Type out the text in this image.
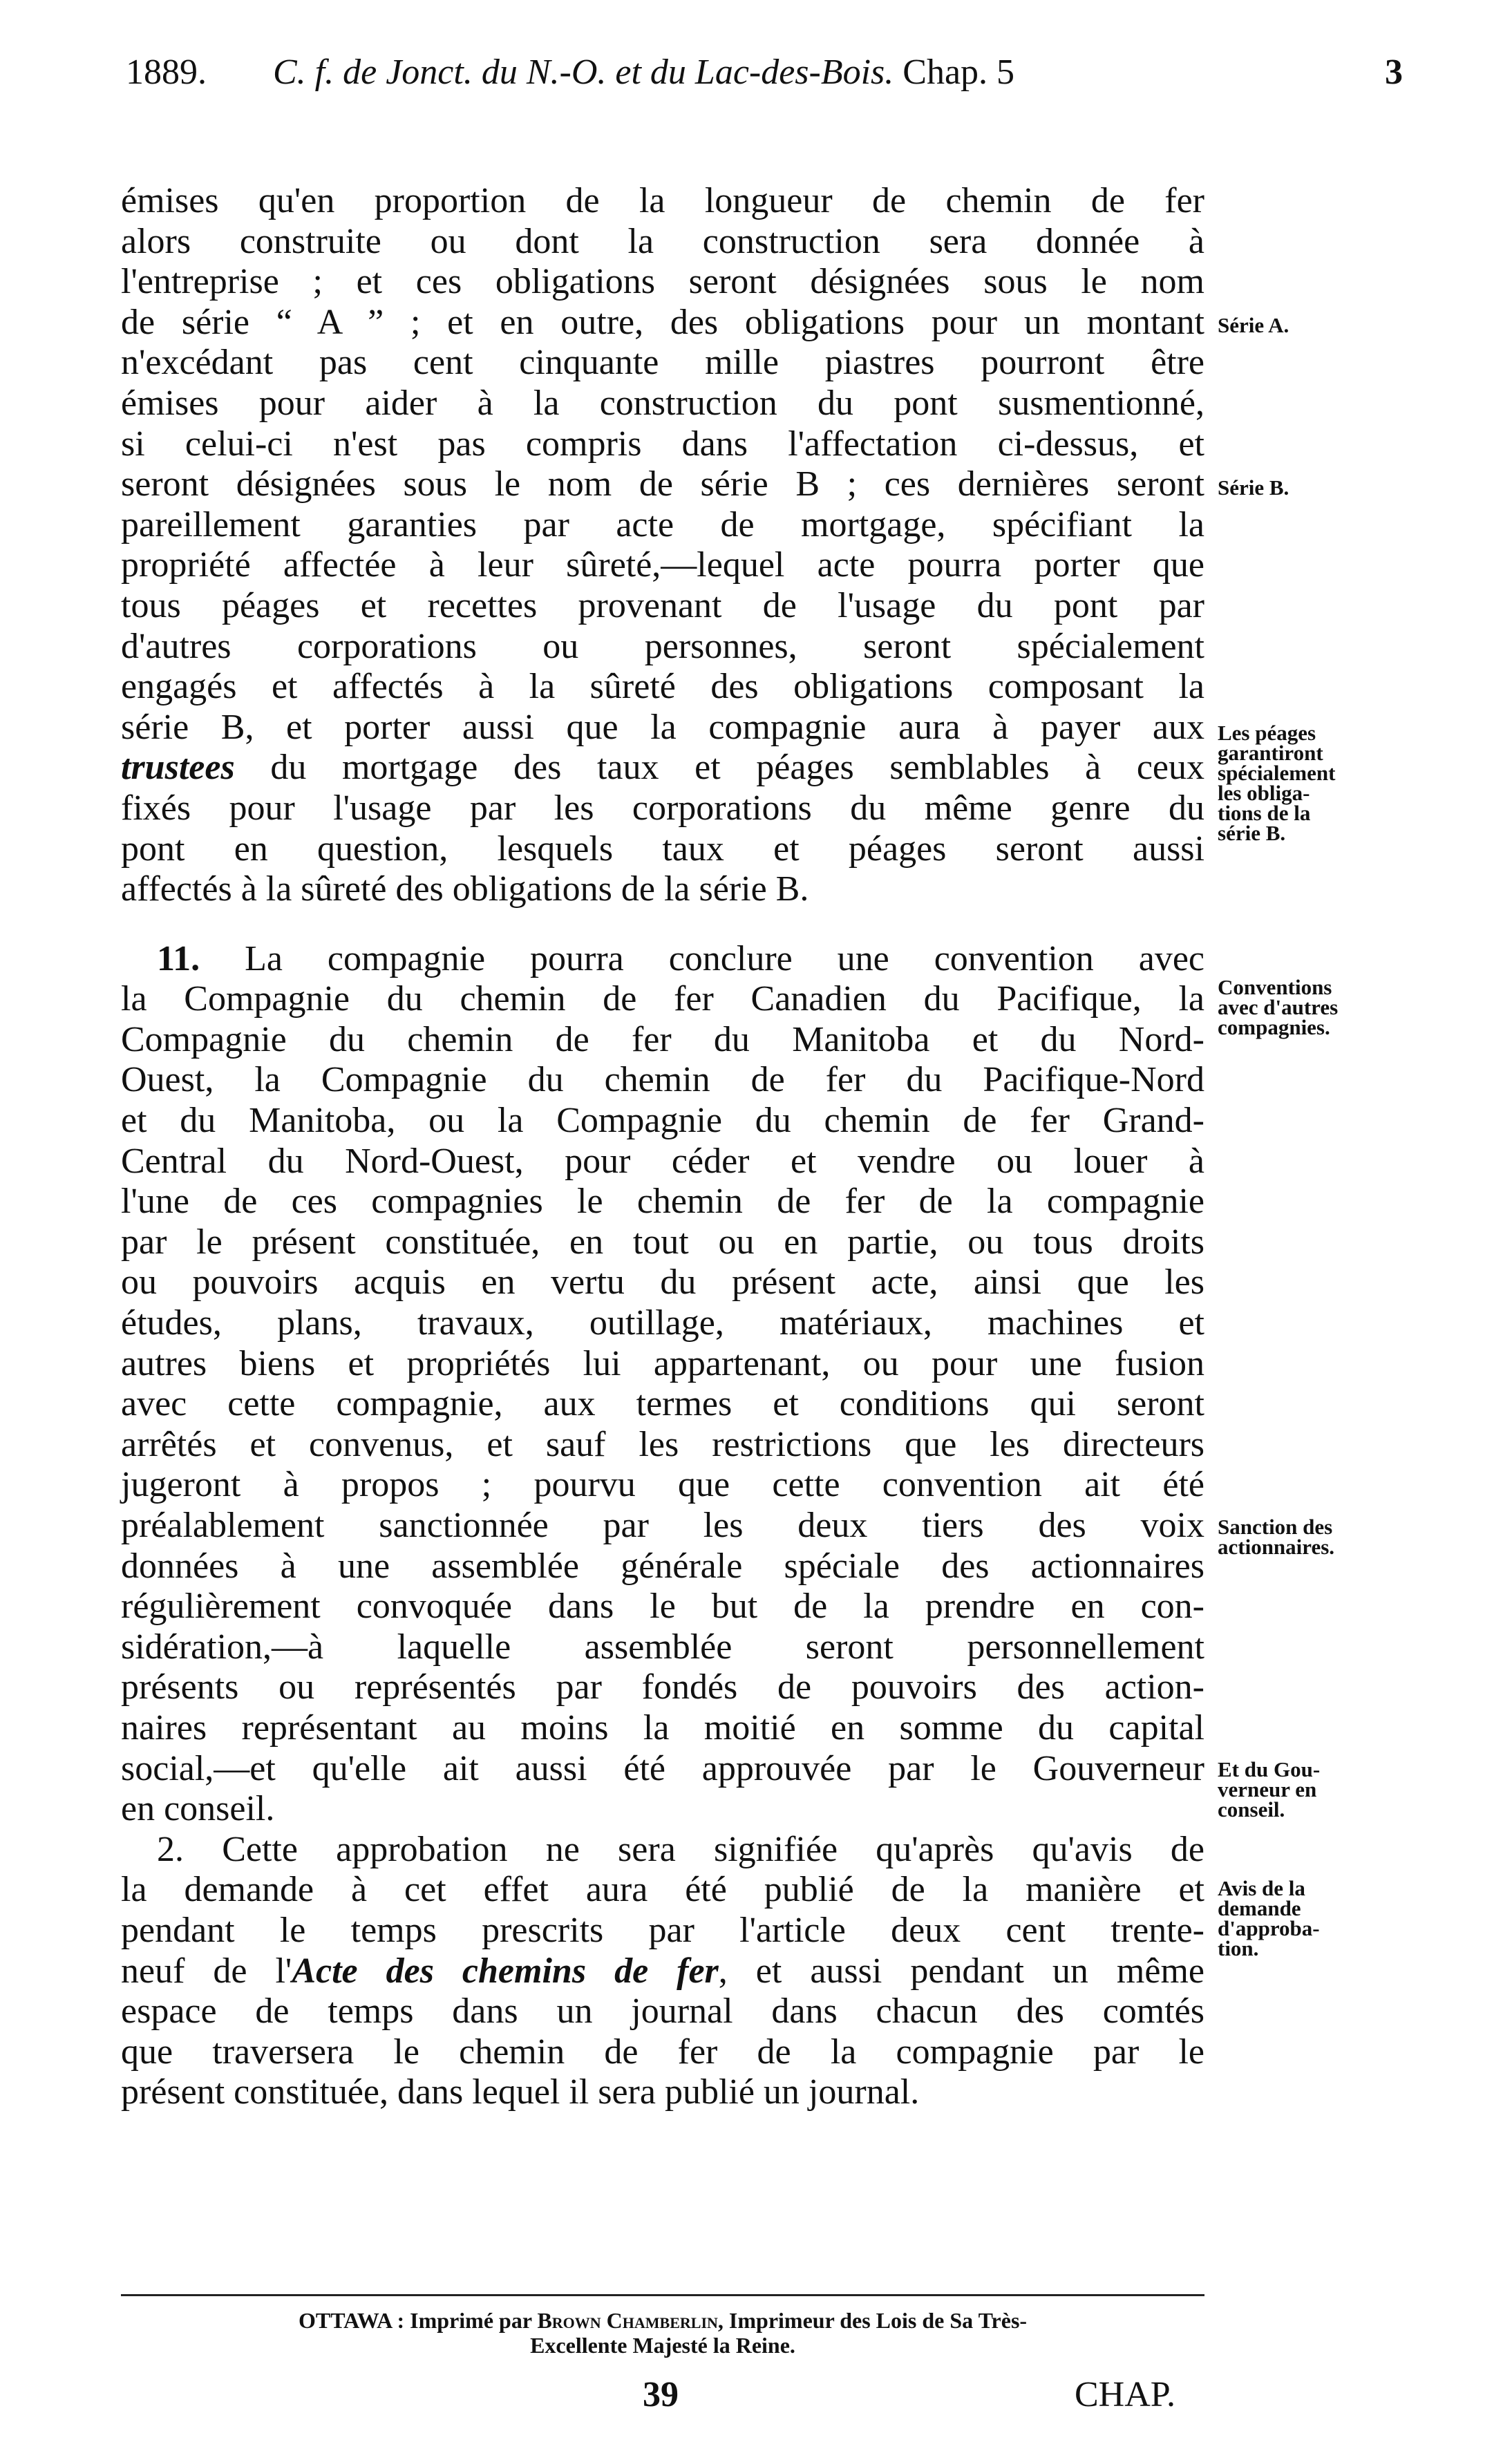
1889. C. f. de Jonct. du N.-O. et du Lac-des-Bois. Chap. 5	3
émises qu'en proportion de la longueur de chemin de fer
alors construite ou dont la construction sera donnée à
l'entreprise ; et ces obligations seront désignées sous le nom
de série “ A ” ; et en outre, des obligations pour un montant
n'excédant pas cent cinquante mille piastres pourront être
émises pour aider à la construction du pont susmentionné,
si celui-ci n'est pas compris dans l'affectation ci-dessus, et
seront désignées sous le nom de série B ; ces dernières seront
pareillement garanties par acte de mortgage, spécifiant la
propriété affectée à leur sûreté,—lequel acte pourra porter que
tous péages et recettes provenant de l'usage du pont par
d'autres corporations ou personnes, seront spécialement
engagés et affectés à la sûreté des obligations composant la
série B, et porter aussi que la compagnie aura à payer aux
trustees du mortgage des taux et péages semblables à ceux
fixés pour l'usage par les corporations du même genre du
pont en question, lesquels taux et péages seront aussi
affectés à la sûreté des obligations de la série B.
11. La compagnie pourra conclure une convention avec
la Compagnie du chemin de fer Canadien du Pacifique, la
Compagnie du chemin de fer du Manitoba et du Nord-
Ouest, la Compagnie du chemin de fer du Pacifique-Nord
et du Manitoba, ou la Compagnie du chemin de fer Grand-
Central du Nord-Ouest, pour céder et vendre ou louer à
l'une de ces compagnies le chemin de fer de la compagnie
par le présent constituée, en tout ou en partie, ou tous droits
ou pouvoirs acquis en vertu du présent acte, ainsi que les
études, plans, travaux, outillage, matériaux, machines et
autres biens et propriétés lui appartenant, ou pour une fusion
avec cette compagnie, aux termes et conditions qui seront
arrêtés et convenus, et sauf les restrictions que les directeurs
jugeront à propos ; pourvu que cette convention ait été
préalablement sanctionnée par les deux tiers des voix
données à une assemblée générale spéciale des actionnaires
régulièrement convoquée dans le but de la prendre en con-
sidération,—à laquelle assemblée seront personnellement
présents ou représentés par fondés de pouvoirs des action-
naires représentant au moins la moitié en somme du capital
social,—et qu'elle ait aussi été approuvée par le Gouverneur
en conseil.
2. Cette approbation ne sera signifiée qu'après qu'avis de
la demande à cet effet aura été publié de la manière et
pendant le temps prescrits par l'article deux cent trente-
neuf de l'Acte des chemins de fer, et aussi pendant un même
espace de temps dans un journal dans chacun des comtés
que traversera le chemin de fer de la compagnie par le
présent constituée, dans lequel il sera publié un journal.
Série A.
Série B.
Les péages
garantiront
spécialement
les obliga-
tions de la
série B.
Conventions
avec d'autres
compagnies.
Sanction des
actionnaires.
Et du Gou-
verneur en
conseil.
Avis de la
demande
d'approba-
tion.
OTTAWA : Imprimé par Brown Chamberlin, Imprimeur des Lois de Sa Très-
Excellente Majesté la Reine.
39	CHAP.
